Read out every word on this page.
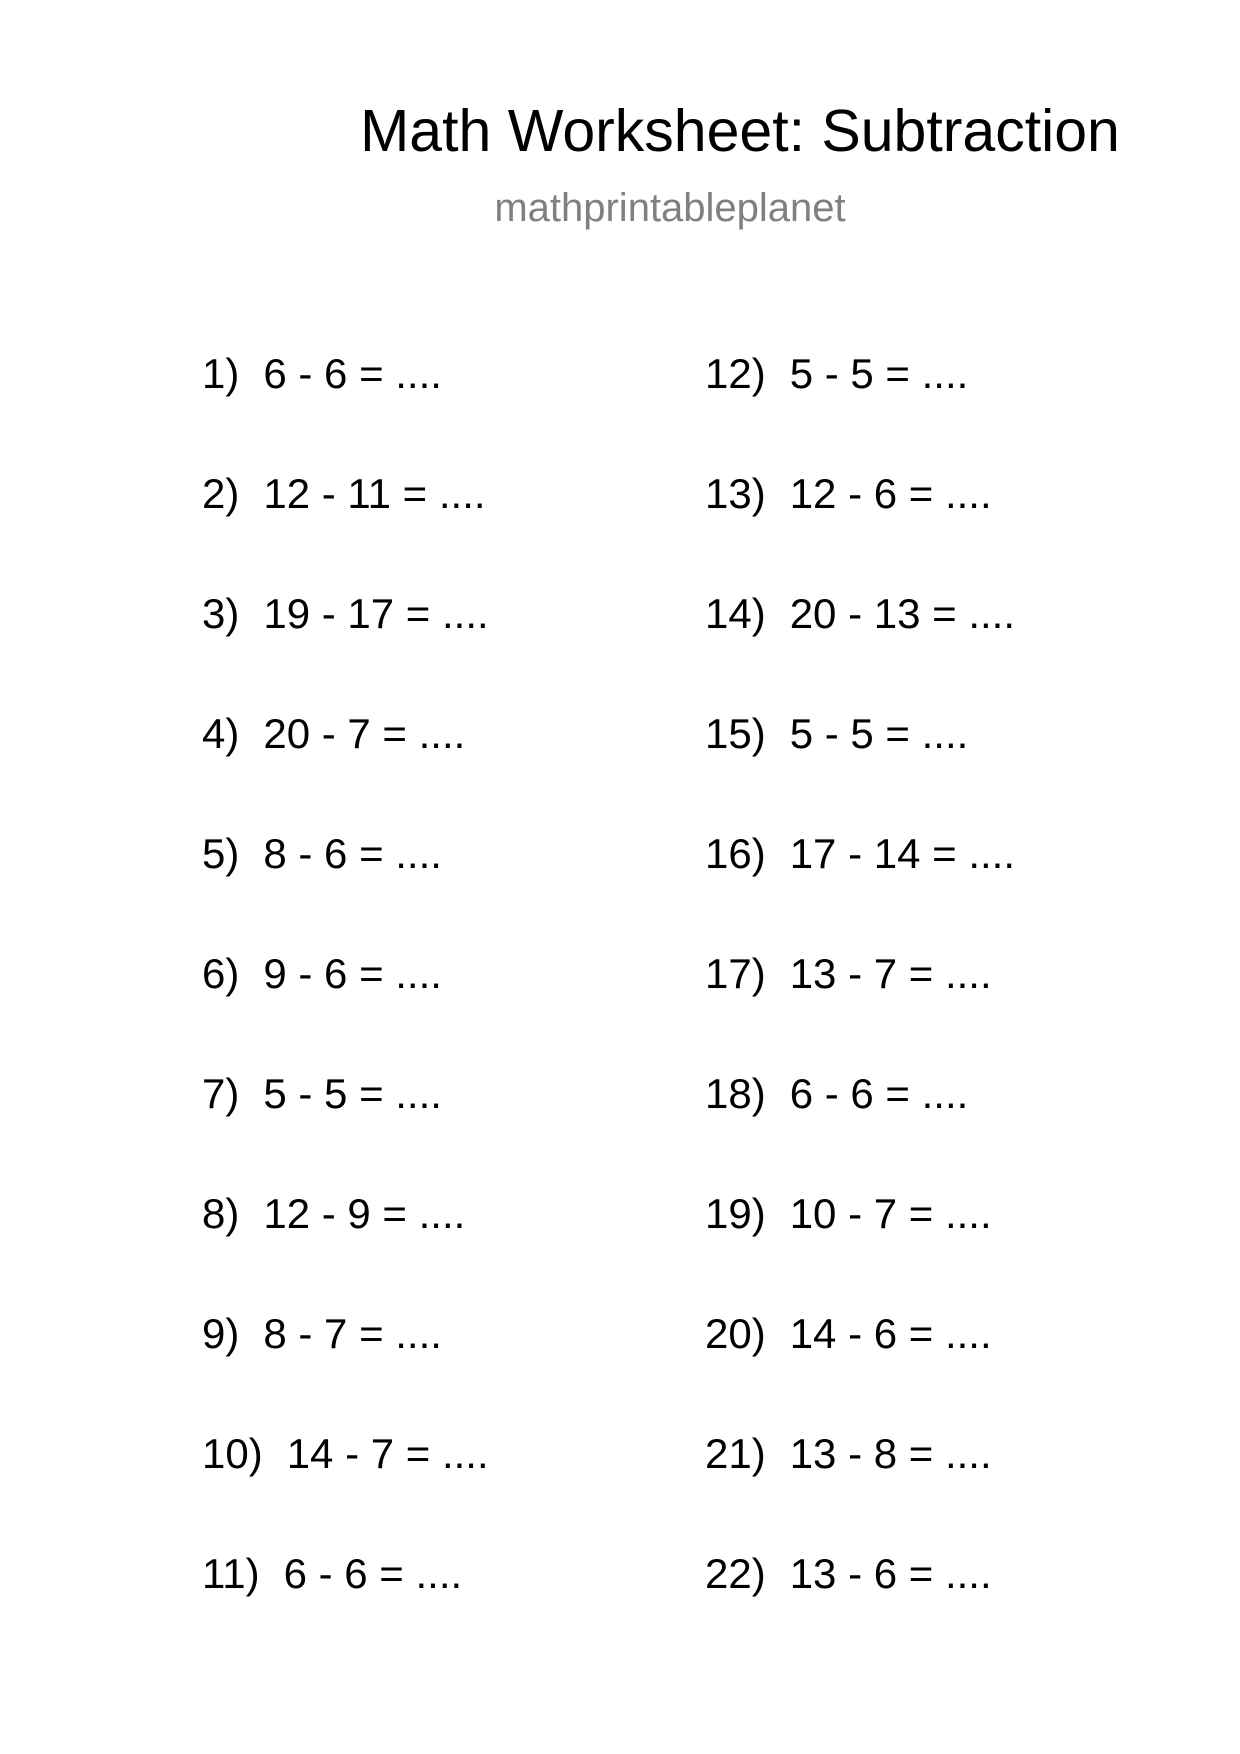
Math Worksheet: Subtraction
mathprintableplanet
1) 6 - 6 = ....
2) 12 - 11 = ....
3) 19 - 17 = ....
4) 20 - 7 = ....
5) 8 - 6 = ....
6) 9 - 6 = ....
7) 5 - 5 = ....
8) 12 - 9 = ....
9) 8 - 7 = ....
10) 14 - 7 = ....
11) 6 - 6 = ....
12) 5 - 5 = ....
13) 12 - 6 = ....
14) 20 - 13 = ....
15) 5 - 5 = ....
16) 17 - 14 = ....
17) 13 - 7 = ....
18) 6 - 6 = ....
19) 10 - 7 = ....
20) 14 - 6 = ....
21) 13 - 8 = ....
22) 13 - 6 = ....
